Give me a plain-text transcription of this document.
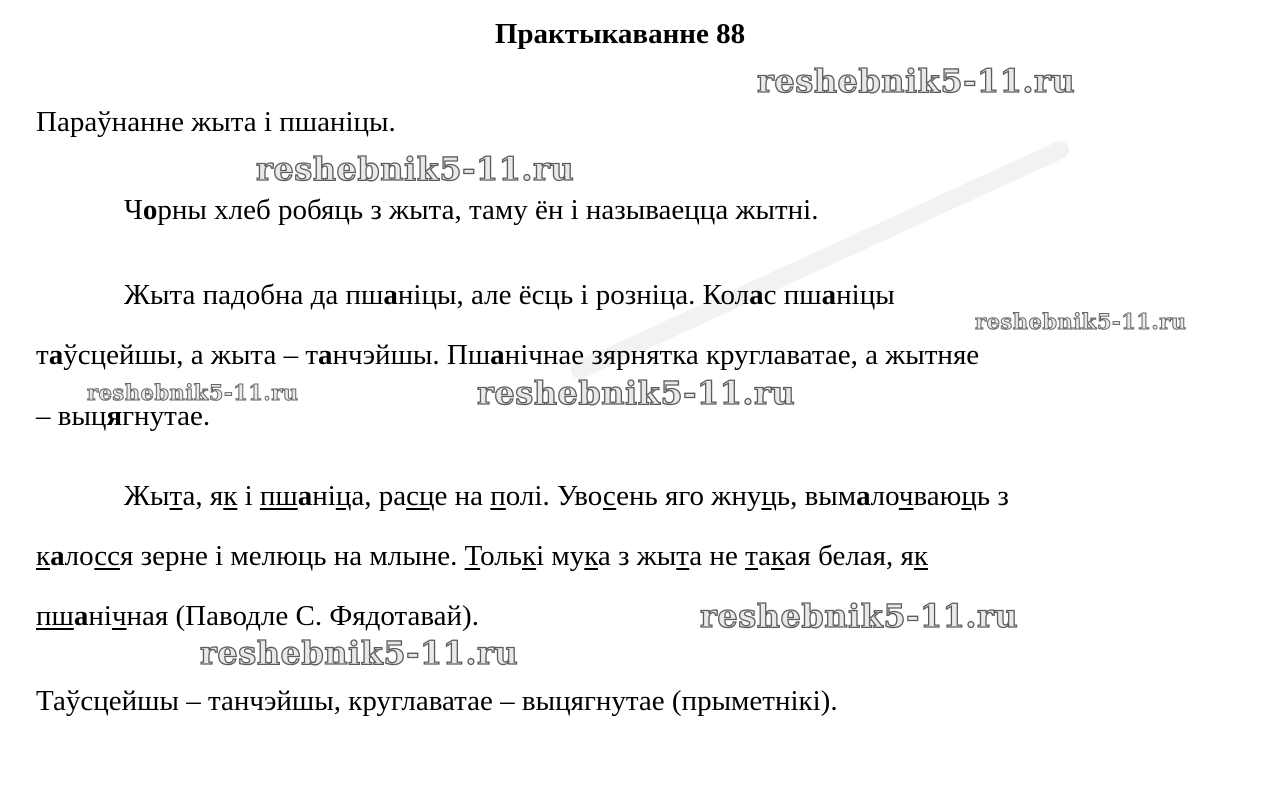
Практыкаванне 88
reshebnik5-11.ru
Параўнанне жыта і пшаніцы.
reshebnik5-11.ru
Чорны хлеб робяць з жыта, таму ён і называецца жытні.
Жыта падобна да пшаніцы, але ёсць і розніца. Колас пшаніцы
reshebnik5-11.ru
таўсцейшы, а жыта – танчэйшы. Пшанічнае зярнятка круглаватае, а жытняе
reshebnik5-11.ru	reshebnik5-11.ru
– выцягнутае.
Жыта, як і пшаніца, расце на полі. Увосень яго жнуць, вымалочваюць з
калосся зерне і мелюць на млыне. Толькі мука з жыта не такая белая, як
пшанічная (Паводле С. Фядотавай).	reshebnik5-11.ru
reshebnik5-11.ru
Таўсцейшы – танчэйшы, круглаватае – выцягнутае (прыметнікі).
